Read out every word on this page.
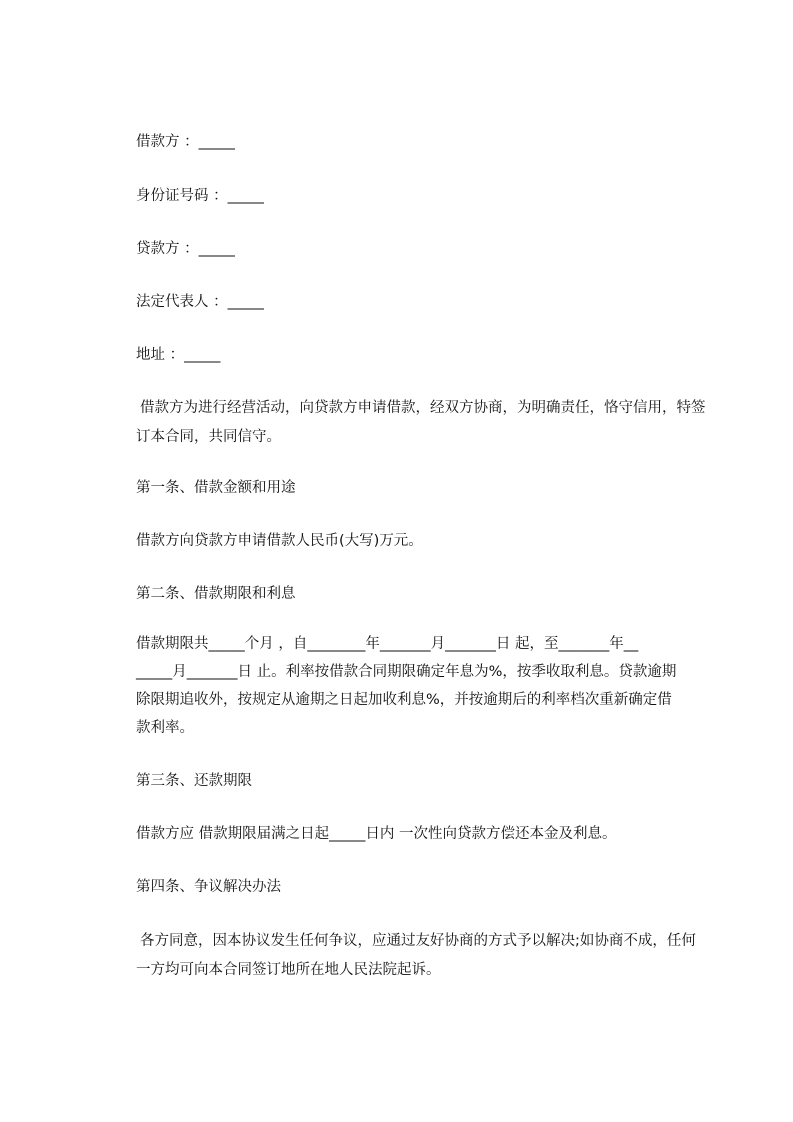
借款方 ：_____
身份证号码 ：_____
贷款方 ：_____
法定代表人 ：_____
地址 ：_____
借款方为进行经营活动，向贷款方申请借款，经双方协商，为明确责任，恪守信用，特签订本合同，共同信守。
第一条、借款金额和用途
借款方向贷款方申请借款人民币(大写)万元。
第二条、借款期限和利息
借款期限共_____个月 ，自________年_______月_______日 起，至_______年__
_____月_______日 止。利率按借款合同期限确定年息为%，按季收取利息。贷款逾期
除限期追收外，按规定从逾期之日起加收利息%，并按逾期后的利率档次重新确定借
款利率。
第三条、还款期限
借款方应 借款期限届满之日起_____日内 一次性向贷款方偿还本金及利息。
第四条、争议解决办法
各方同意，因本协议发生任何争议，应通过友好协商的方式予以解决;如协商不成，任何一方均可向本合同签订地所在地人民法院起诉。
